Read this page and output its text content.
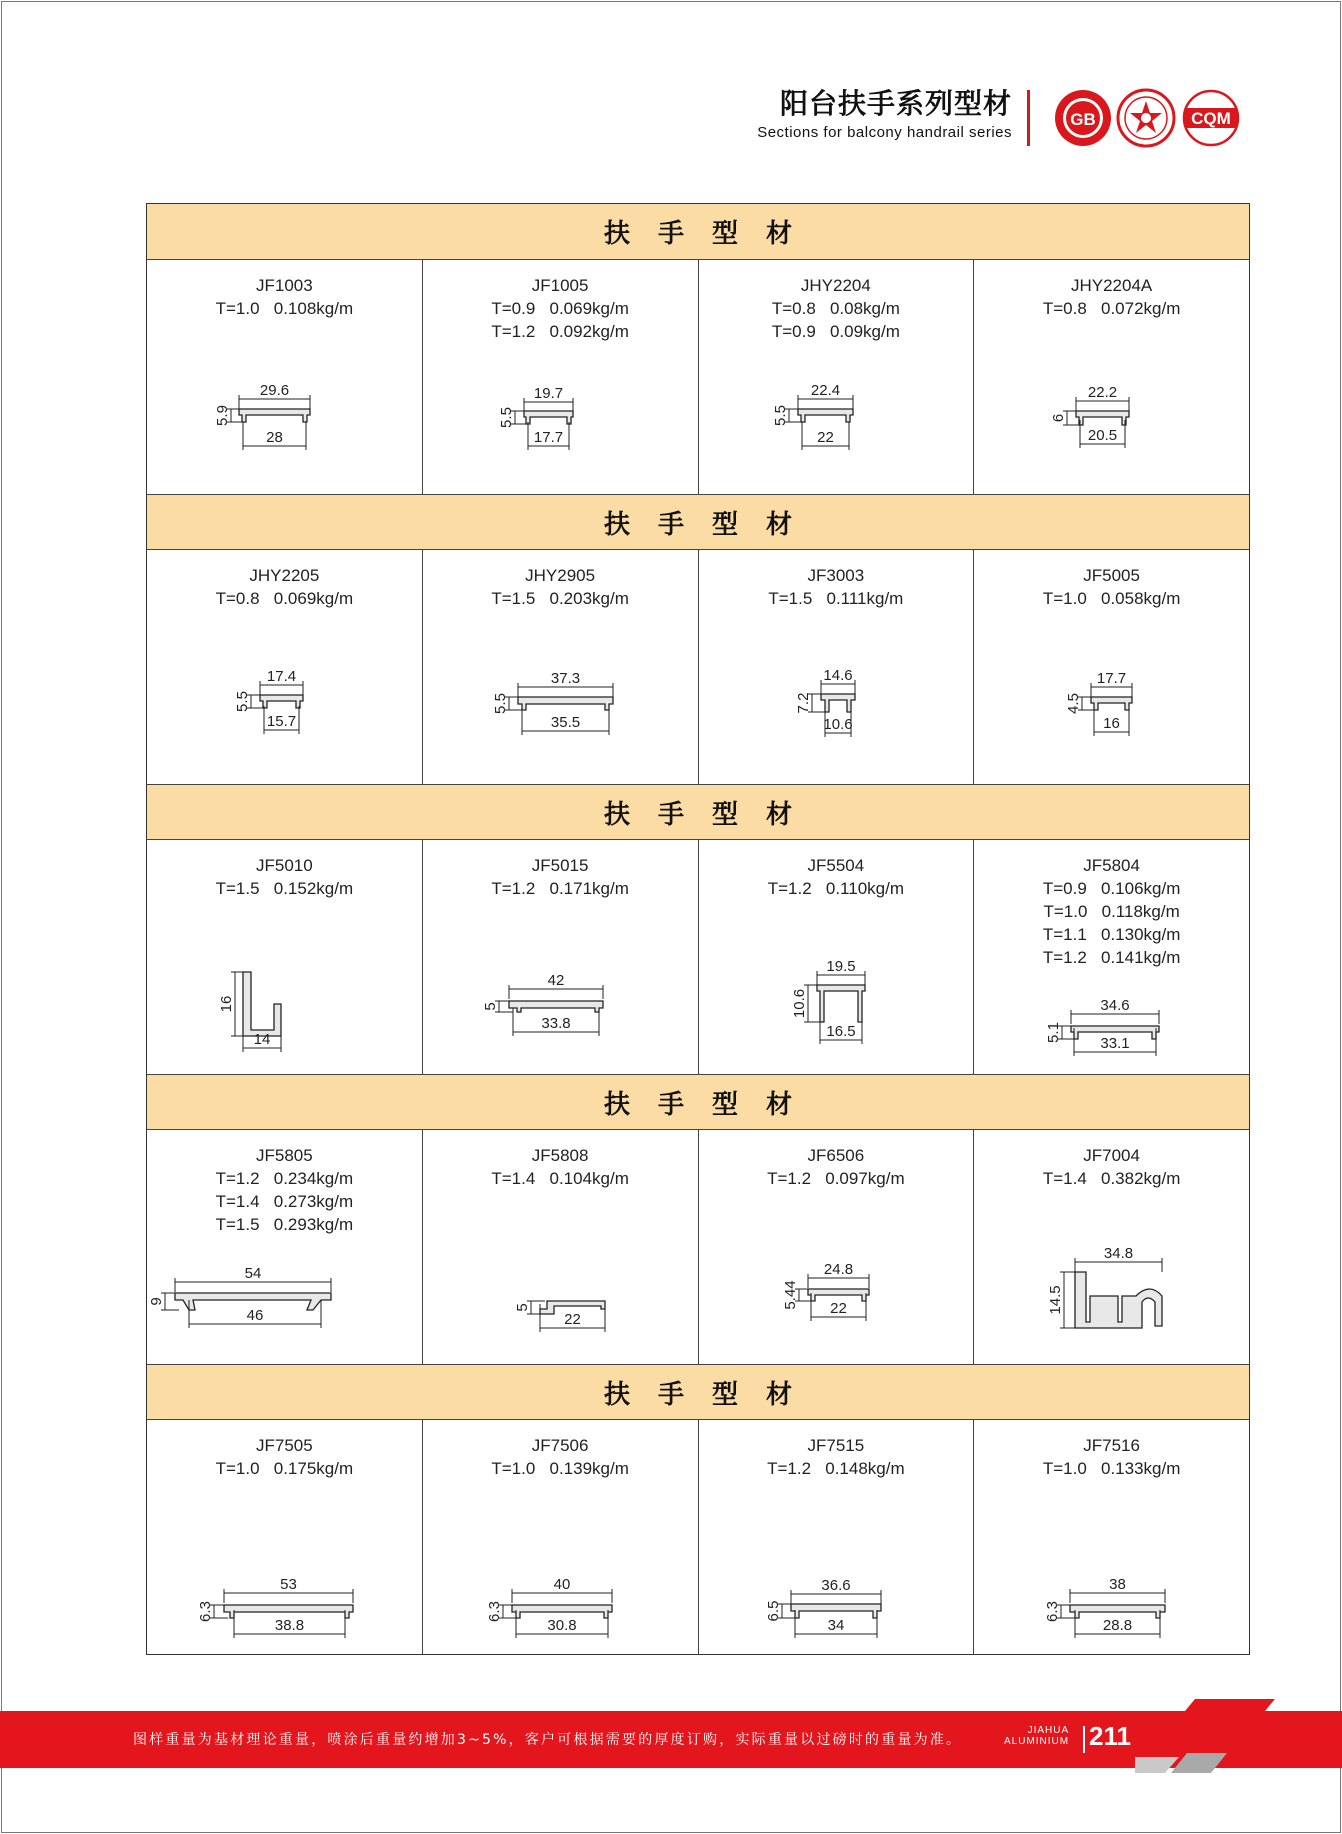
阳台扶手系列型材
Sections for balcony handrail series
GB	CQM
扶手型材
JF1003
T=1.0   0.108kg/m
29.6
28
5.9
JF1005
T=0.9   0.069kg/m
T=1.2   0.092kg/m
19.7
17.7
5.5
JHY2204
T=0.8   0.08kg/m
T=0.9   0.09kg/m
22.4
22
5.5
JHY2204A
T=0.8   0.072kg/m
22.2
20.5
6
扶手型材
JHY2205
T=0.8   0.069kg/m
17.4
15.7
5.5
JHY2905
T=1.5   0.203kg/m
37.3
35.5
5.5
JF3003
T=1.5   0.111kg/m
14.6
10.6
7.2
JF5005
T=1.0   0.058kg/m
17.7
16
4.5
扶手型材
JF5010
T=1.5   0.152kg/m
14
16
JF5015
T=1.2   0.171kg/m
42
33.8
5
JF5504
T=1.2   0.110kg/m
19.5
16.5
10.6
JF5804
T=0.9   0.106kg/m
T=1.0   0.118kg/m
T=1.1   0.130kg/m
T=1.2   0.141kg/m
34.6
33.1
5.1
扶手型材
JF5805
T=1.2   0.234kg/m
T=1.4   0.273kg/m
T=1.5   0.293kg/m
54
46
9
JF5808
T=1.4   0.104kg/m
22
5
JF6506
T=1.2   0.097kg/m
24.8
22
5.44
JF7004
T=1.4   0.382kg/m
34.8
14.5
扶手型材
JF7505
T=1.0   0.175kg/m
53
38.8
6.3
JF7506
T=1.0   0.139kg/m
40
30.8
6.3
JF7515
T=1.2   0.148kg/m
36.6
34
6.5
JF7516
T=1.0   0.133kg/m
38
28.8
6.3
图样重量为基材理论重量，喷涂后重量约增加3~5%，客户可根据需要的厚度订购，实际重量以过磅时的重量为准。
JIAHUA
ALUMINIUM 211
